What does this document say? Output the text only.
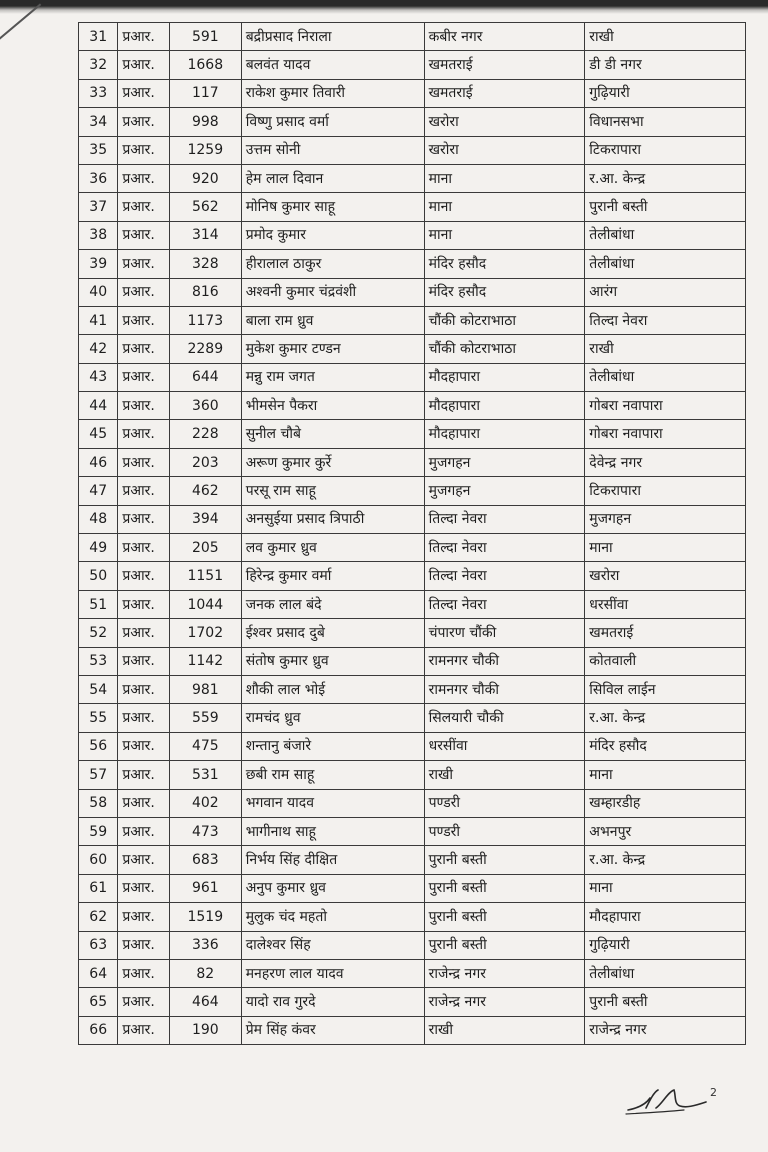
31	प्रआर.	591	बद्रीप्रसाद निराला	कबीर नगर	राखी
32	प्रआर.	1668	बलवंत यादव	खमतराई	डी डी नगर
33	प्रआर.	117	राकेश कुमार तिवारी	खमतराई	गुढ़ियारी
34	प्रआर.	998	विष्णु प्रसाद वर्मा	खरोरा	विधानसभा
35	प्रआर.	1259	उत्तम सोनी	खरोरा	टिकरापारा
36	प्रआर.	920	हेम लाल दिवान	माना	र.आ. केन्द्र
37	प्रआर.	562	मोनिष कुमार साहू	माना	पुरानी बस्ती
38	प्रआर.	314	प्रमोद कुमार	माना	तेलीबांधा
39	प्रआर.	328	हीरालाल ठाकुर	मंदिर हसौद	तेलीबांधा
40	प्रआर.	816	अश्वनी कुमार चंद्रवंशी	मंदिर हसौद	आरंग
41	प्रआर.	1173	बाला राम ध्रुव	चौंकी कोटराभाठा	तिल्दा नेवरा
42	प्रआर.	2289	मुकेश कुमार टण्डन	चौंकी कोटराभाठा	राखी
43	प्रआर.	644	मन्नु राम जगत	मौदहापारा	तेलीबांधा
44	प्रआर.	360	भीमसेन पैकरा	मौदहापारा	गोबरा नवापारा
45	प्रआर.	228	सुनील चौबे	मौदहापारा	गोबरा नवापारा
46	प्रआर.	203	अरूण कुमार कुर्रे	मुजगहन	देवेन्द्र नगर
47	प्रआर.	462	परसू राम साहू	मुजगहन	टिकरापारा
48	प्रआर.	394	अनसुईया प्रसाद त्रिपाठी	तिल्दा नेवरा	मुजगहन
49	प्रआर.	205	लव कुमार ध्रुव	तिल्दा नेवरा	माना
50	प्रआर.	1151	हिरेन्द्र कुमार वर्मा	तिल्दा नेवरा	खरोरा
51	प्रआर.	1044	जनक लाल बंदे	तिल्दा नेवरा	धरसींवा
52	प्रआर.	1702	ईश्वर प्रसाद दुबे	चंपारण चौंकी	खमतराई
53	प्रआर.	1142	संतोष कुमार ध्रुव	रामनगर चौकी	कोतवाली
54	प्रआर.	981	शौकी लाल भोई	रामनगर चौकी	सिविल लाईन
55	प्रआर.	559	रामचंद ध्रुव	सिलयारी चौकी	र.आ. केन्द्र
56	प्रआर.	475	शन्तानु बंजारे	धरसींवा	मंदिर हसौद
57	प्रआर.	531	छबी राम साहू	राखी	माना
58	प्रआर.	402	भगवान यादव	पण्डरी	खम्हारडीह
59	प्रआर.	473	भागीनाथ साहू	पण्डरी	अभनपुर
60	प्रआर.	683	निर्भय सिंह दीक्षित	पुरानी बस्ती	र.आ. केन्द्र
61	प्रआर.	961	अनुप कुमार ध्रुव	पुरानी बस्ती	माना
62	प्रआर.	1519	मुलुक चंद महतो	पुरानी बस्ती	मौदहापारा
63	प्रआर.	336	दालेश्वर सिंह	पुरानी बस्ती	गुढ़ियारी
64	प्रआर.	82	मनहरण लाल यादव	राजेन्द्र नगर	तेलीबांधा
65	प्रआर.	464	यादो राव गुरदे	राजेन्द्र नगर	पुरानी बस्ती
66	प्रआर.	190	प्रेम सिंह कंवर	राखी	राजेन्द्र नगर
2
